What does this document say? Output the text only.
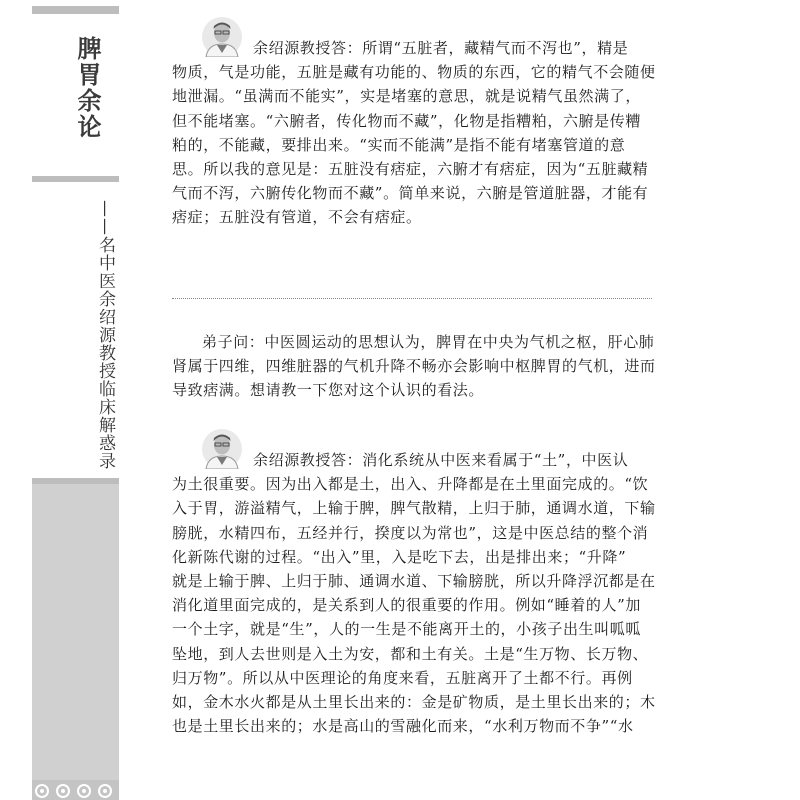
脾胃余论
——名中医余绍源教授临床解惑录
余绍源教授答：所谓“五脏者，藏精气而不泻也”，精是
物质，气是功能，五脏是藏有功能的、物质的东西，它的精气不会随便
地泄漏。“虽满而不能实”，实是堵塞的意思，就是说精气虽然满了，
但不能堵塞。“六腑者，传化物而不藏”，化物是指糟粕，六腑是传糟
粕的，不能藏，要排出来。“实而不能满”是指不能有堵塞管道的意
思。所以我的意见是：五脏没有痞症，六腑才有痞症，因为“五脏藏精
气而不泻，六腑传化物而不藏”。简单来说，六腑是管道脏器，才能有
痞症；五脏没有管道，不会有痞症。
弟子问：中医圆运动的思想认为，脾胃在中央为气机之枢，肝心肺
肾属于四维，四维脏器的气机升降不畅亦会影响中枢脾胃的气机，进而
导致痞满。想请教一下您对这个认识的看法。
余绍源教授答：消化系统从中医来看属于“土”，中医认
为土很重要。因为出入都是土，出入、升降都是在土里面完成的。“饮
入于胃，游溢精气，上输于脾，脾气散精，上归于肺，通调水道，下输
膀胱，水精四布，五经并行，揆度以为常也”，这是中医总结的整个消
化新陈代谢的过程。“出入”里，入是吃下去，出是排出来；“升降”
就是上输于脾、上归于肺、通调水道、下输膀胱，所以升降浮沉都是在
消化道里面完成的，是关系到人的很重要的作用。例如“睡着的人”加
一个土字，就是“生”，人的一生是不能离开土的，小孩子出生叫呱呱
坠地，到人去世则是入土为安，都和土有关。土是“生万物、长万物、
归万物”。所以从中医理论的角度来看，五脏离开了土都不行。再例
如，金木水火都是从土里长出来的：金是矿物质，是土里长出来的；木
也是土里长出来的；水是高山的雪融化而来，“水利万物而不争”“水
